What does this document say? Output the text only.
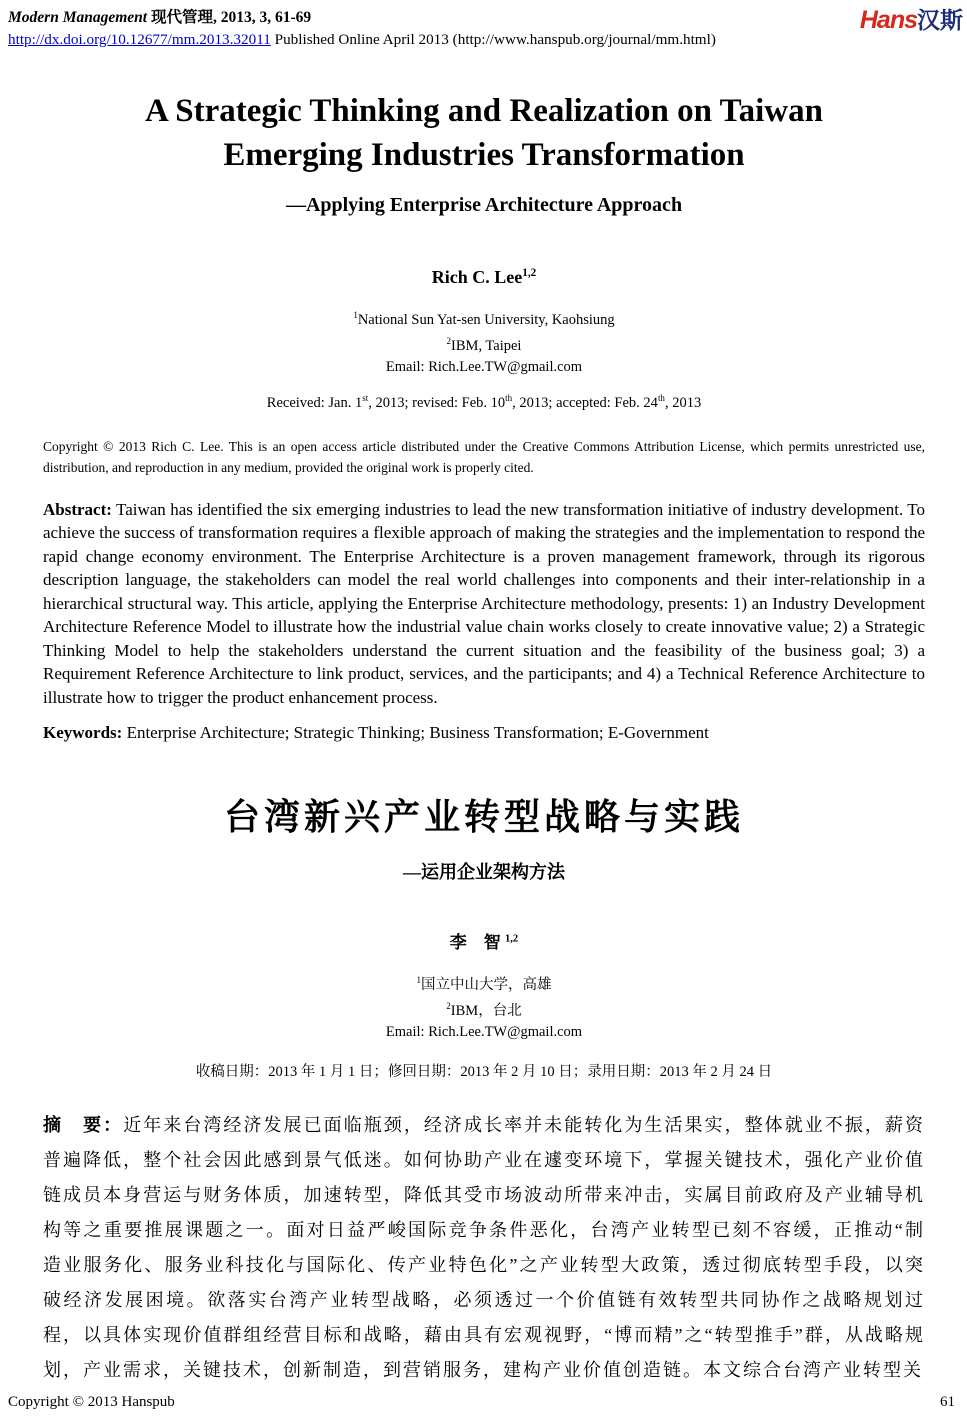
Modern Management 现代管理, 2013, 3, 61-69
http://dx.doi.org/10.12677/mm.2013.32011 Published Online April 2013 (http://www.hanspub.org/journal/mm.html)
Hans汉斯
A Strategic Thinking and Realization on Taiwan
Emerging Industries Transformation
—Applying Enterprise Architecture Approach
Rich C. Lee$^{1,2}$
$^1$National Sun Yat-sen University, Kaohsiung
$^2$IBM, Taipei
Email: Rich.Lee.TW@gmail.com
Received: Jan. 1st, 2013; revised: Feb. 10th, 2013; accepted: Feb. 24th, 2013
Copyright © 2013 Rich C. Lee. This is an open access article distributed under the Creative Commons Attribution License, which permits unrestricted use, distribution, and reproduction in any medium, provided the original work is properly cited.
Abstract: Taiwan has identified the six emerging industries to lead the new transformation initiative of industry development. To achieve the success of transformation requires a flexible approach of making the strategies and the implementation to respond the rapid change economy environment. The Enterprise Architecture is a proven management framework, through its rigorous description language, the stakeholders can model the real world challenges into components and their inter-relationship in a hierarchical structural way. This article, applying the Enterprise Architecture methodology, presents: 1) an Industry Development Architecture Reference Model to illustrate how the industrial value chain works closely to create innovative value; 2) a Strategic Thinking Model to help the stakeholders understand the current situation and the feasibility of the business goal; 3) a Requirement Reference Architecture to link product, services, and the participants; and 4) a Technical Reference Architecture to illustrate how to trigger the product enhancement process.
Keywords: Enterprise Architecture; Strategic Thinking; Business Transformation; E-Government
台湾新兴产业转型战略与实践
—运用企业架构方法
李　智 $^{1,2}$
$^1$国立中山大学，高雄
$^2$IBM，台北
Email: Rich.Lee.TW@gmail.com
收稿日期：2013 年 1 月 1 日；修回日期：2013 年 2 月 10 日；录用日期：2013 年 2 月 24 日
摘　要：近年来台湾经济发展已面临瓶颈，经济成长率并未能转化为生活果实，整体就业不振，薪资普遍降低，整个社会因此感到景气低迷。如何协助产业在遽变环境下，掌握关键技术，强化产业价值链成员本身营运与财务体质，加速转型，降低其受市场波动所带来冲击，实属目前政府及产业辅导机构等之重要推展课题之一。面对日益严峻国际竞争条件恶化，台湾产业转型已刻不容缓，正推动“制造业服务化、服务业科技化与国际化、传产业特色化”之产业转型大政策，透过彻底转型手段，以突破经济发展困境。欲落实台湾产业转型战略，必须透过一个价值链有效转型共同协作之战略规划过程，以具体实现价值群组经营目标和战略，藉由具有宏观视野，“博而精”之“转型推手”群，从战略规划，产业需求，关键技术，创新制造，到营销服务，建构产业价值创造链。本文综合台湾产业转型关
61
Copyright © 2013 Hanspub
